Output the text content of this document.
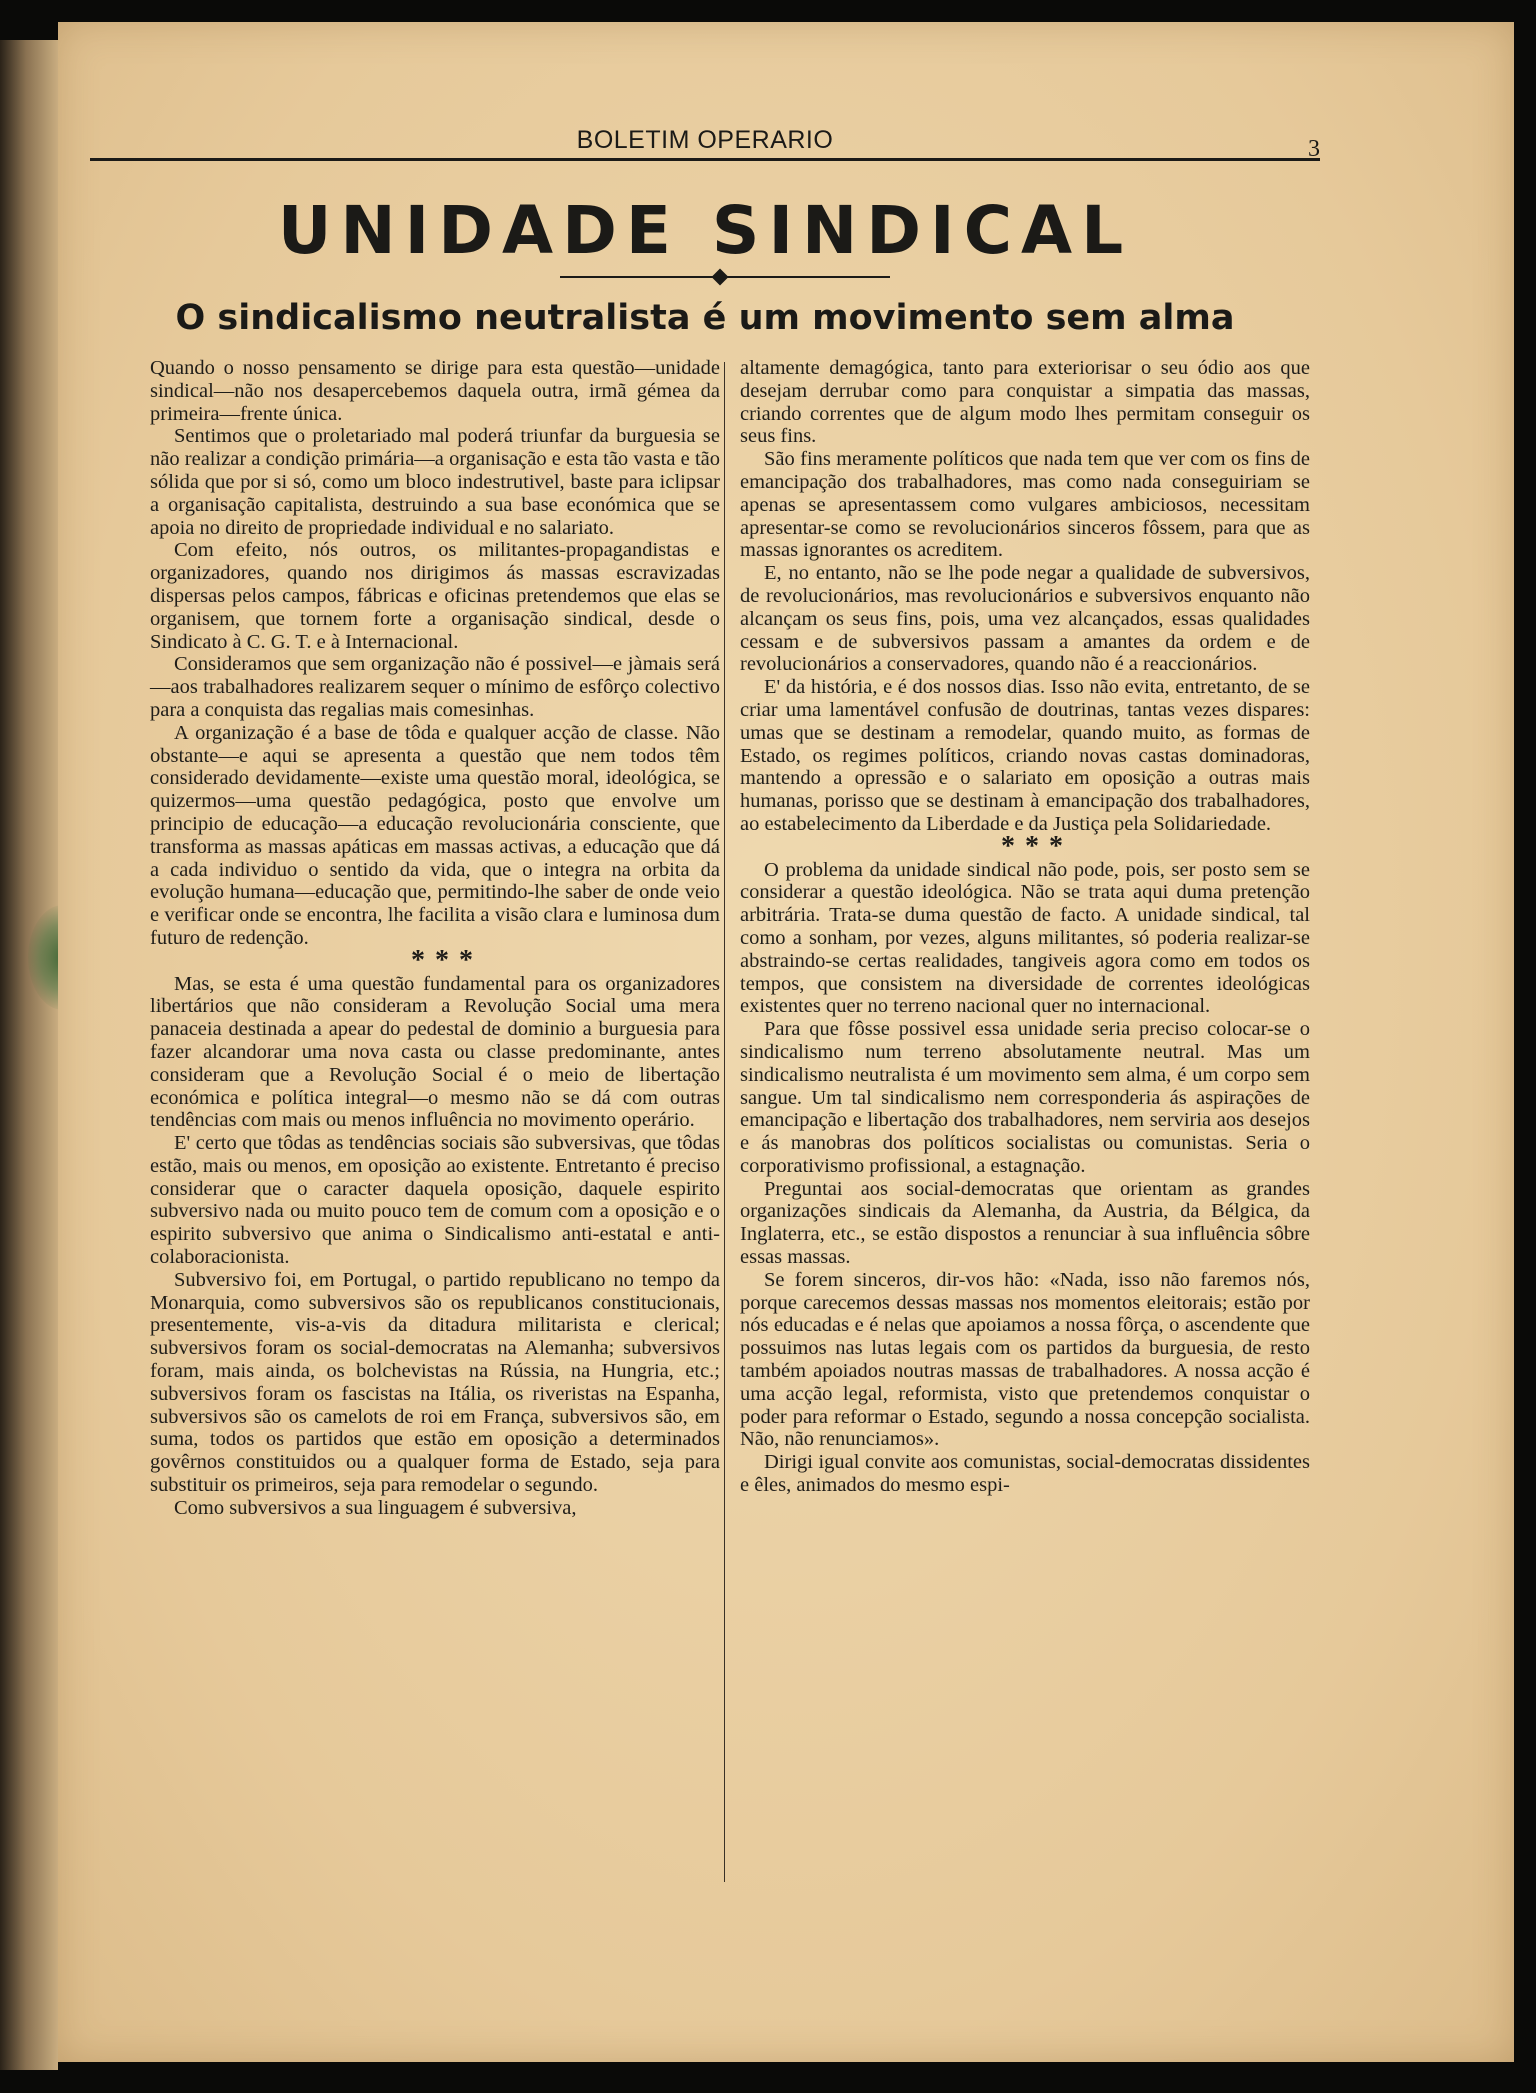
BOLETIM OPERARIO	3
UNIDADE SINDICAL
O sindicalismo neutralista é um movimento sem alma

Quando o nosso pensamento se dirige para esta questão—unidade sindical—não nos desapercebemos daquela outra, irmã gémea da primeira—frente única.

Sentimos que o proletariado mal poderá triunfar da burguesia se não realizar a condição primária—a organisação e esta tão vasta e tão sólida que por si só, como um bloco indestrutivel, baste para iclipsar a organisação capitalista, destruindo a sua base económica que se apoia no direito de propriedade individual e no salariato.

Com efeito, nós outros, os militantes-propagandistas e organizadores, quando nos dirigimos ás massas escravizadas dispersas pelos campos, fábricas e oficinas pretendemos que elas se organisem, que tornem forte a organisação sindical, desde o Sindicato à C. G. T. e à Internacional.

Consideramos que sem organização não é possivel—e jàmais será—aos trabalhadores realizarem sequer o mínimo de esfôrço colectivo para a conquista das regalias mais comesinhas.

A organização é a base de tôda e qualquer acção de classe. Não obstante—e aqui se apresenta a questão que nem todos têm considerado devidamente—existe uma questão moral, ideológica, se quizermos—uma questão pedagógica, posto que envolve um principio de educação—a educação revolucionária consciente, que transforma as massas apáticas em massas activas, a educação que dá a cada individuo o sentido da vida, que o integra na orbita da evolução humana—educação que, permitindo-lhe saber de onde veio e verificar onde se encontra, lhe facilita a visão clara e luminosa dum futuro de redenção.

***

Mas, se esta é uma questão fundamental para os organizadores libertários que não consideram a Revolução Social uma mera panaceia destinada a apear do pedestal de dominio a burguesia para fazer alcandorar uma nova casta ou classe predominante, antes consideram que a Revolução Social é o meio de libertação económica e política integral—o mesmo não se dá com outras tendências com mais ou menos influência no movimento operário.

E' certo que tôdas as tendências sociais são subversivas, que tôdas estão, mais ou menos, em oposição ao existente. Entretanto é preciso considerar que o caracter daquela oposição, daquele espirito subversivo nada ou muito pouco tem de comum com a oposição e o espirito subversivo que anima o Sindicalismo anti-estatal e anti-colaboracionista.

Subversivo foi, em Portugal, o partido republicano no tempo da Monarquia, como subversivos são os republicanos constitucionais, presentemente, vis-a-vis da ditadura militarista e clerical; subversivos foram os social-democratas na Alemanha; subversivos foram, mais ainda, os bolchevistas na Rússia, na Hungria, etc.; subversivos foram os fascistas na Itália, os riveristas na Espanha, subversivos são os camelots de roi em França, subversivos são, em suma, todos os partidos que estão em oposição a determinados govêrnos constituidos ou a qualquer forma de Estado, seja para substituir os primeiros, seja para remodelar o segundo.

Como subversivos a sua linguagem é subversiva,

altamente demagógica, tanto para exteriorisar o seu ódio aos que desejam derrubar como para conquistar a simpatia das massas, criando correntes que de algum modo lhes permitam conseguir os seus fins.

São fins meramente políticos que nada tem que ver com os fins de emancipação dos trabalhadores, mas como nada conseguiriam se apenas se apresentassem como vulgares ambiciosos, necessitam apresentar-se como se revolucionários sinceros fôssem, para que as massas ignorantes os acreditem.

E, no entanto, não se lhe pode negar a qualidade de subversivos, de revolucionários, mas revolucionários e subversivos enquanto não alcançam os seus fins, pois, uma vez alcançados, essas qualidades cessam e de subversivos passam a amantes da ordem e de revolucionários a conservadores, quando não é a reaccionários.

E' da história, e é dos nossos dias. Isso não evita, entretanto, de se criar uma lamentável confusão de doutrinas, tantas vezes dispares: umas que se destinam a remodelar, quando muito, as formas de Estado, os regimes políticos, criando novas castas dominadoras, mantendo a opressão e o salariato em oposição a outras mais humanas, porisso que se destinam à emancipação dos trabalhadores, ao estabelecimento da Liberdade e da Justiça pela Solidariedade.

***

O problema da unidade sindical não pode, pois, ser posto sem se considerar a questão ideológica. Não se trata aqui duma pretenção arbitrária. Trata-se duma questão de facto. A unidade sindical, tal como a sonham, por vezes, alguns militantes, só poderia realizar-se abstraindo-se certas realidades, tangiveis agora como em todos os tempos, que consistem na diversidade de correntes ideológicas existentes quer no terreno nacional quer no internacional.

Para que fôsse possivel essa unidade seria preciso colocar-se o sindicalismo num terreno absolutamente neutral. Mas um sindicalismo neutralista é um movimento sem alma, é um corpo sem sangue. Um tal sindicalismo nem corresponderia ás aspirações de emancipação e libertação dos trabalhadores, nem serviria aos desejos e ás manobras dos políticos socialistas ou comunistas. Seria o corporativismo profissional, a estagnação.

Preguntai aos social-democratas que orientam as grandes organizações sindicais da Alemanha, da Austria, da Bélgica, da Inglaterra, etc., se estão dispostos a renunciar à sua influência sôbre essas massas.

Se forem sinceros, dir-vos hão: «Nada, isso não faremos nós, porque carecemos dessas massas nos momentos eleitorais; estão por nós educadas e é nelas que apoiamos a nossa fôrça, o ascendente que possuimos nas lutas legais com os partidos da burguesia, de resto também apoiados noutras massas de trabalhadores. A nossa acção é uma acção legal, reformista, visto que pretendemos conquistar o poder para reformar o Estado, segundo a nossa concepção socialista. Não, não renunciamos».

Dirigi igual convite aos comunistas, social-democratas dissidentes e êles, animados do mesmo espi-
